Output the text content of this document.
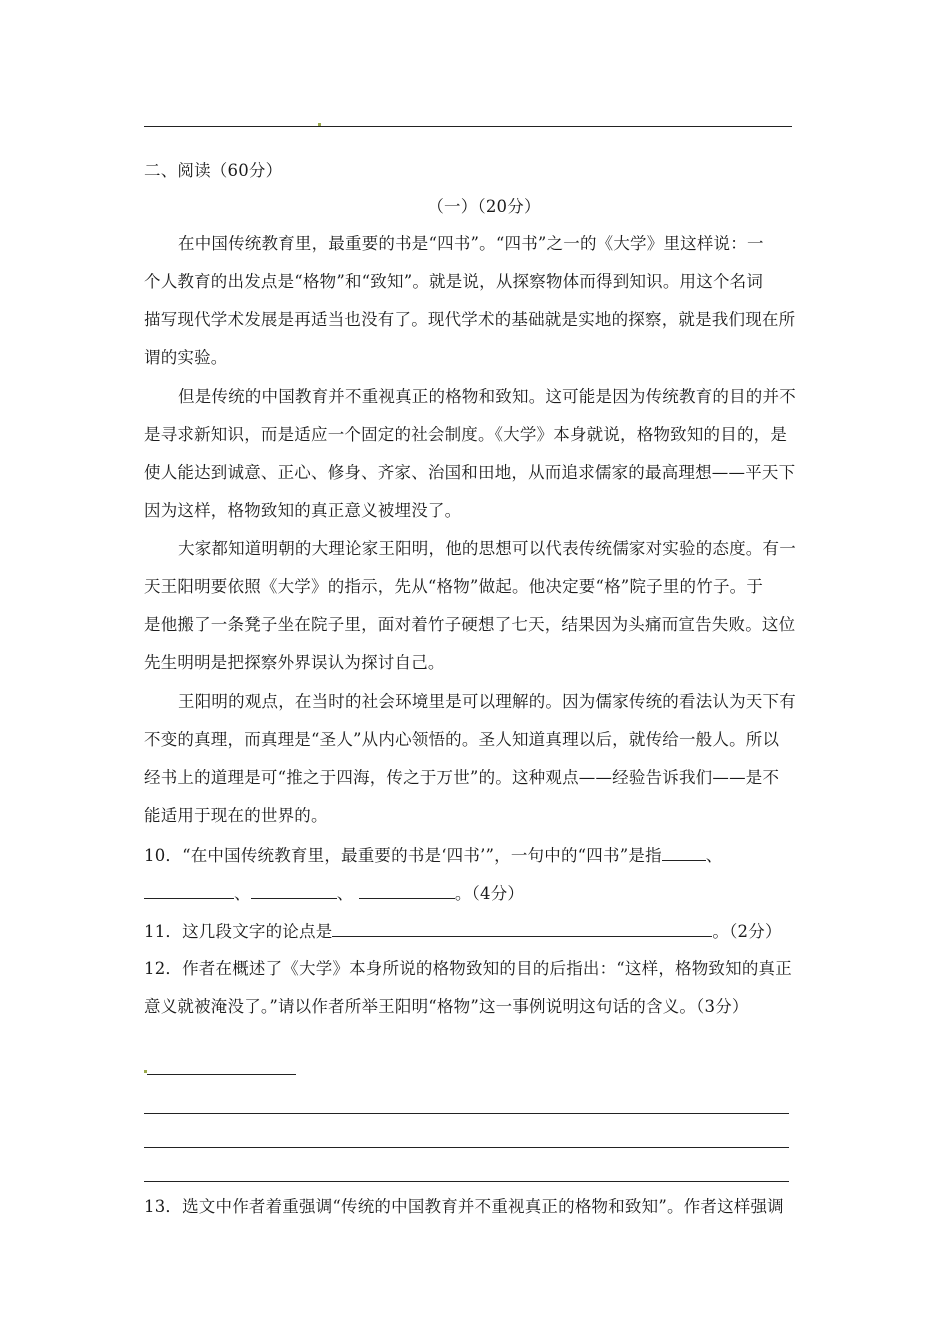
二、阅读（60分）
（一）（20分）
在中国传统教育里，最重要的书是“四书”。“四书”之一的《大学》里这样说：一
个人教育的出发点是“格物”和“致知”。就是说，从探察物体而得到知识。用这个名词
描写现代学术发展是再适当也没有了。现代学术的基础就是实地的探察，就是我们现在所
谓的实验。
但是传统的中国教育并不重视真正的格物和致知。这可能是因为传统教育的目的并不
是寻求新知识，而是适应一个固定的社会制度。《大学》本身就说，格物致知的目的，是
使人能达到诚意、正心、修身、齐家、治国和田地，从而追求儒家的最高理想——平天下
因为这样，格物致知的真正意义被埋没了。
大家都知道明朝的大理论家王阳明，他的思想可以代表传统儒家对实验的态度。有一
天王阳明要依照《大学》的指示，先从“格物”做起。他决定要“格”院子里的竹子。于
是他搬了一条凳子坐在院子里，面对着竹子硬想了七天，结果因为头痛而宣告失败。这位
先生明明是把探察外界误认为探讨自己。
王阳明的观点，在当时的社会环境里是可以理解的。因为儒家传统的看法认为天下有
不变的真理，而真理是“圣人”从内心领悟的。圣人知道真理以后，就传给一般人。所以
经书上的道理是可“推之于四海，传之于万世”的。这种观点——经验告诉我们——是不
能适用于现在的世界的。
10．“在中国传统教育里，最重要的书是‘四书’”，一句中的“四书”是指	、
、	、	。（4分）
11．这几段文字的论点是	。（2分）
12．作者在概述了《大学》本身所说的格物致知的目的后指出：“这样，格物致知的真正
意义就被淹没了。”请以作者所举王阳明“格物”这一事例说明这句话的含义。（3分）
13．选文中作者着重强调“传统的中国教育并不重视真正的格物和致知”。作者这样强调
